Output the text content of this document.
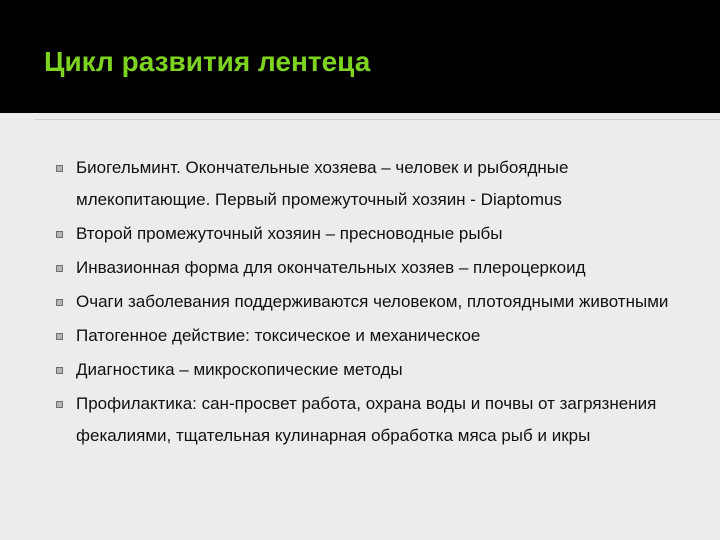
Цикл развития лентеца
Биогельминт. Окончательные хозяева – человек и рыбоядные млекопитающие. Первый промежуточный хозяин - Diaptomus
Второй промежуточный хозяин – пресноводные рыбы
Инвазионная форма для окончательных хозяев – плероцеркоид
Очаги заболевания поддерживаются человеком, плотоядными животными
Патогенное действие: токсическое и механическое
Диагностика – микроскопические методы
Профилактика: сан-просвет работа, охрана воды и почвы от загрязнения фекалиями, тщательная кулинарная обработка мяса рыб и икры
